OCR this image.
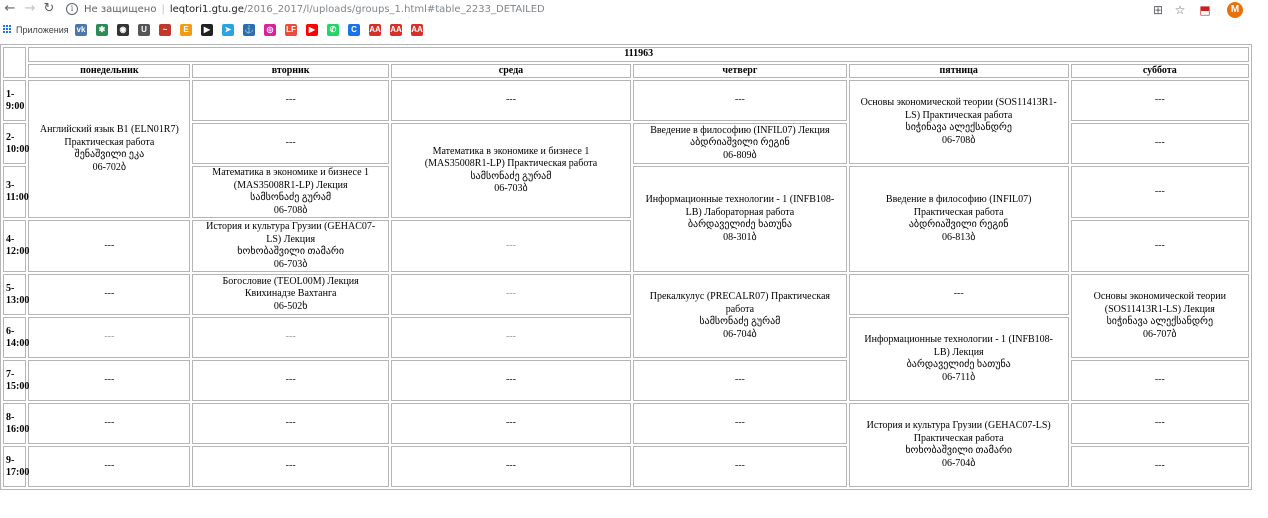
← → ↻	i Не защищено | leqtori1.gtu.ge/2016_2017/l/uploads/groups_1.html#table_2233_DETAILED	⊞ ☆ ⬒	M
Приложения vk	✱	◉	U	~	E	▶	➤	⚓	◎	LF	▶	✆	C	AA AA AA
	111963					
	понедельник	вторник	среда	четверг	пятница	суббота
1-
9:00	Английский язык B1 (ELN01R7)
Практическая работа
შენაშვილი ეკა
06-702ბ	---	---	---	Основы экономической теории (SOS11413R1-
LS) Практическая работа
სიჭინავა ალექსანდრე
06-708ბ	---
2-
10:00		---	Математика в экономике и бизнесе 1
(MAS35008R1-LP) Практическая работа
სამსონაძე გურამ
06-703ბ	Введение в философию (INFIL07) Лекция
აბდრიაშვილი რეგინ
06-809ბ		---
3-
11:00		Математика в экономике и бизнесе 1
(MAS35008R1-LP) Лекция
სამსონაძე გურამ
06-708ბ		Информационные технологии - 1 (INFB108-
LB) Лабораторная работа
ბარდაველიძე ხათუნა
08-301ბ	Введение в философию (INFIL07)
Практическая работа
აბდრიაშვილი რეგინ
06-813ბ	---
4-
12:00	---	История и культура Грузии (GEHAC07-
LS) Лекция
ხოხობაშვილი თამარი
06-703ბ	---			---
5-
13:00	---	Богословие (TEOL00M) Лекция
Квихинадзе Вахтанга
06-502ხ	---	Прекалкулус (PRECALR07) Практическая
работа
სამსონაძე გურამ
06-704ბ	---	Основы экономической теории
(SOS11413R1-LS) Лекция
სიჭინავა ალექსანდრე
06-707ბ
6-
14:00	---	---	---		Информационные технологии - 1 (INFB108-
LB) Лекция
ბარდაველიძე ხათუნა
06-711ბ	
7-
15:00	---	---	---	---		---
8-
16:00	---	---	---	---	История и культура Грузии (GEHAC07-LS)
Практическая работа
ხოხობაშვილი თამარი
06-704ბ	---
9-
17:00	---	---	---	---		---
